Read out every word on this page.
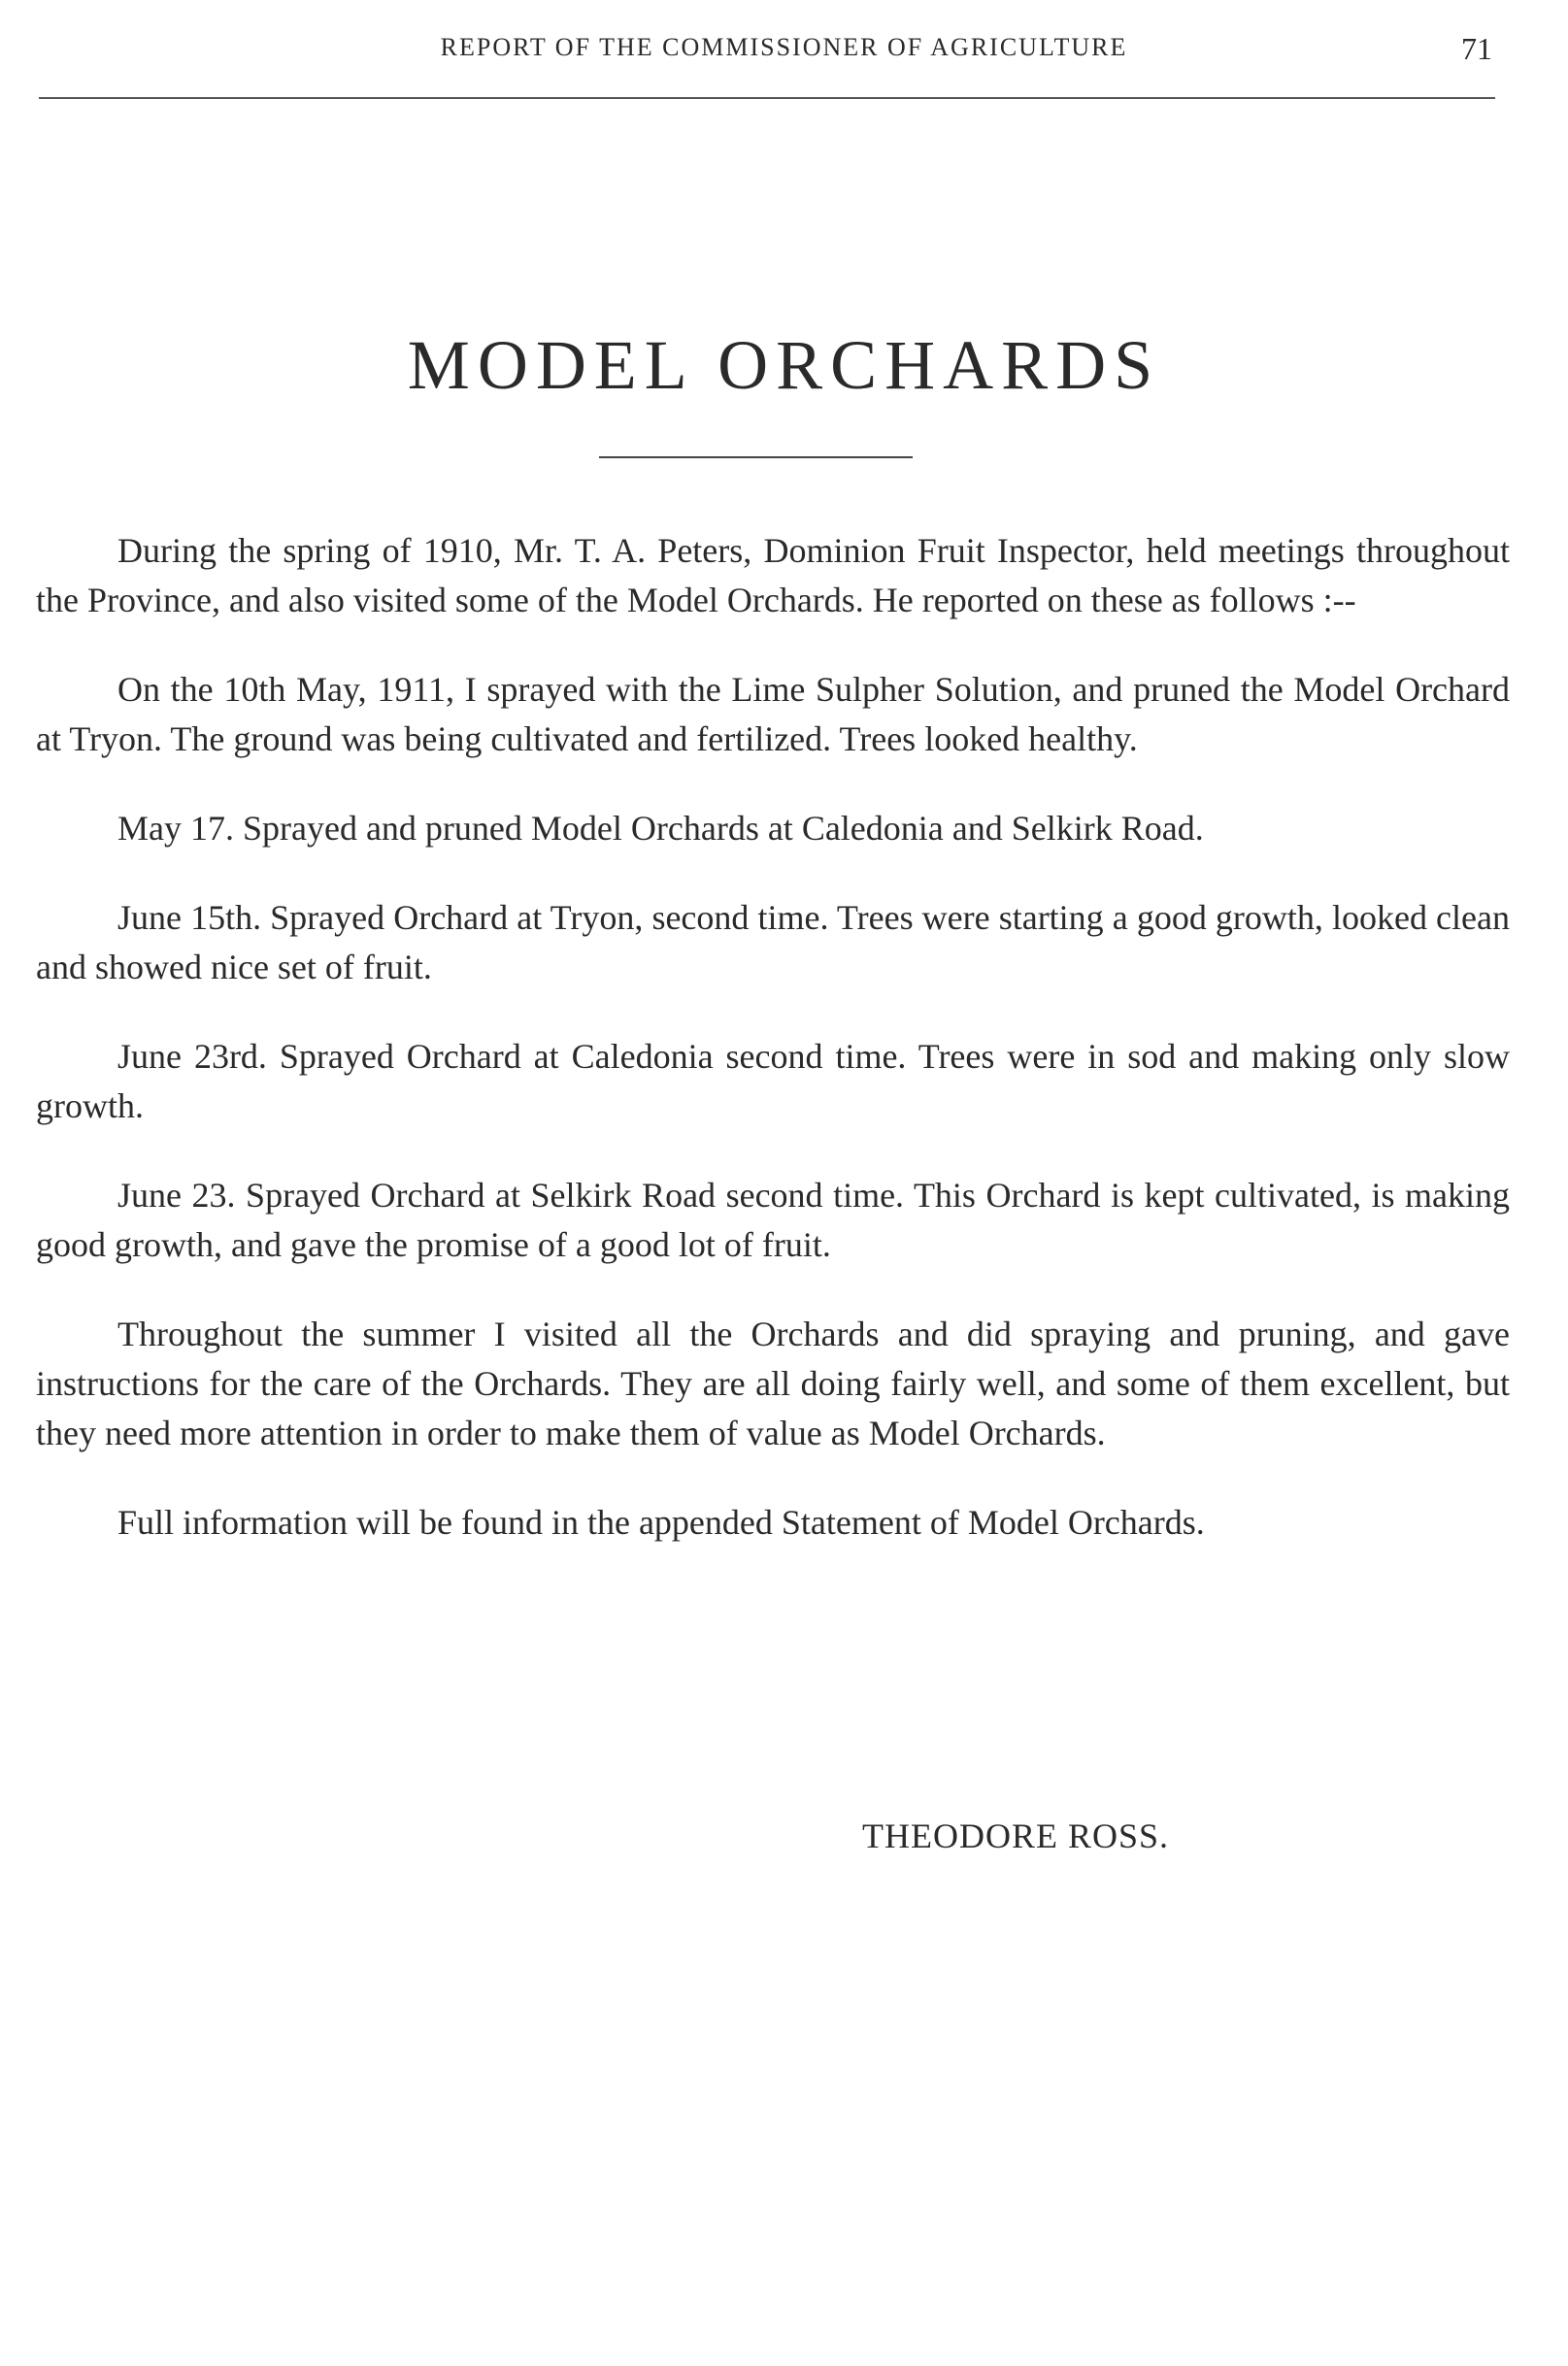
REPORT OF THE COMMISSIONER OF AGRICULTURE	71
MODEL ORCHARDS

During the spring of 1910, Mr. T. A. Peters, Dominion Fruit Inspector, held meetings throughout the Province, and also visited some of the Model Orchards. He reported on these as follows :--

On the 10th May, 1911, I sprayed with the Lime Sulpher Solution, and pruned the Model Orchard at Tryon. The ground was being cultivated and fertilized. Trees looked healthy.

May 17. Sprayed and pruned Model Orchards at Caledonia and Selkirk Road.

June 15th. Sprayed Orchard at Tryon, second time. Trees were starting a good growth, looked clean and showed nice set of fruit.

June 23rd. Sprayed Orchard at Caledonia second time. Trees were in sod and making only slow growth.

June 23. Sprayed Orchard at Selkirk Road second time. This Orchard is kept cultivated, is making good growth, and gave the promise of a good lot of fruit.

Throughout the summer I visited all the Orchards and did spraying and pruning, and gave instructions for the care of the Orchards. They are all doing fairly well, and some of them excellent, but they need more attention in order to make them of value as Model Orchards.

Full information will be found in the appended Statement of Model Orchards.

THEODORE ROSS.
